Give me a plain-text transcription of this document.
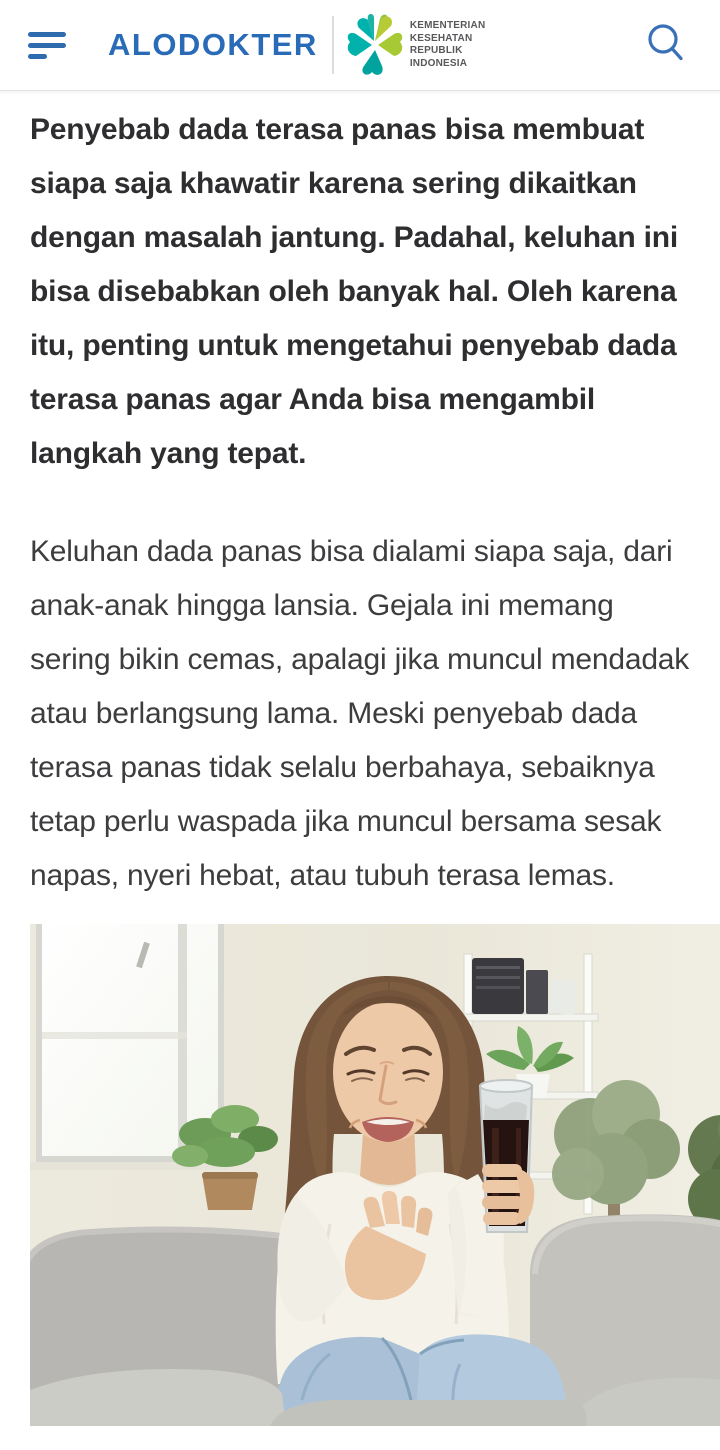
ALODOKTER
KEMENTERIAN
KESEHATAN
REPUBLIK
INDONESIA

Penyebab dada terasa panas bisa membuat siapa saja khawatir karena sering dikaitkan dengan masalah jantung. Padahal, keluhan ini bisa disebabkan oleh banyak hal. Oleh karena itu, penting untuk mengetahui penyebab dada terasa panas agar Anda bisa mengambil langkah yang tepat.

Keluhan dada panas bisa dialami siapa saja, dari anak-anak hingga lansia. Gejala ini memang sering bikin cemas, apalagi jika muncul mendadak atau berlangsung lama. Meski penyebab dada terasa panas tidak selalu berbahaya, sebaiknya tetap perlu waspada jika muncul bersama sesak napas, nyeri hebat, atau tubuh terasa lemas.
